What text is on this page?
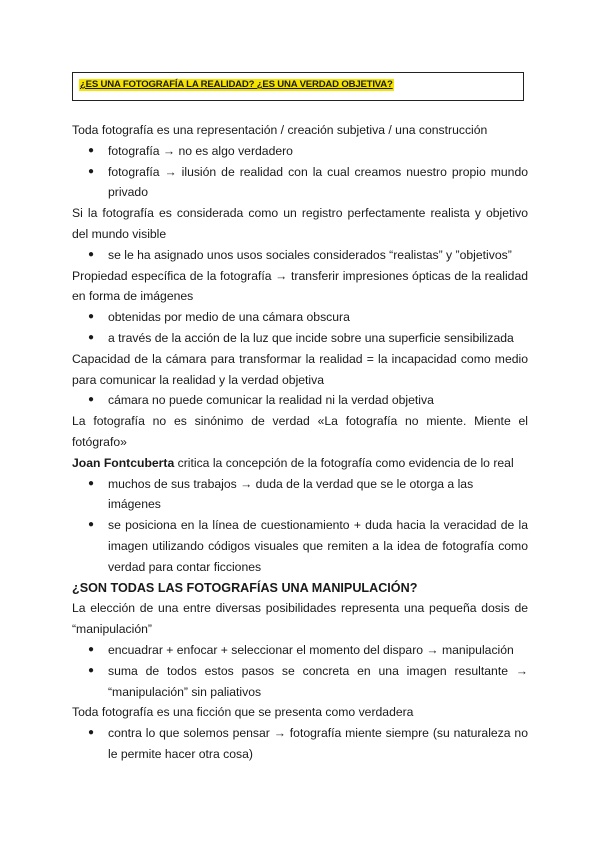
¿ES UNA FOTOGRAFÍA LA REALIDAD? ¿ES UNA VERDAD OBJETIVA?

Toda fotografía es una representación / creación subjetiva / una construcción

● fotografía → no es algo verdadero
● fotografía → ilusión de realidad con la cual creamos nuestro propio mundo privado

Si la fotografía es considerada como un registro perfectamente realista y objetivo del mundo visible

● se le ha asignado unos usos sociales considerados “realistas” y ”objetivos”

Propiedad específica de la fotografía → transferir impresiones ópticas de la realidad en forma de imágenes

● obtenidas por medio de una cámara obscura
● a través de la acción de la luz que incide sobre una superficie sensibilizada

Capacidad de la cámara para transformar la realidad = la incapacidad como medio para comunicar la realidad y la verdad objetiva

● cámara no puede comunicar la realidad ni la verdad objetiva

La fotografía no es sinónimo de verdad «La fotografía no miente. Miente el fotógrafo»

Joan Fontcuberta critica la concepción de la fotografía como evidencia de lo real

● muchos de sus trabajos → duda de la verdad que se le otorga a las imágenes
● se posiciona en la línea de cuestionamiento + duda hacia la veracidad de la imagen utilizando códigos visuales que remiten a la idea de fotografía como verdad para contar ficciones

¿SON TODAS LAS FOTOGRAFÍAS UNA MANIPULACIÓN?

La elección de una entre diversas posibilidades representa una pequeña dosis de “manipulación”

● encuadrar + enfocar + seleccionar el momento del disparo → manipulación
● suma de todos estos pasos se concreta en una imagen resultante → “manipulación” sin paliativos

Toda fotografía es una ficción que se presenta como verdadera

● contra lo que solemos pensar → fotografía miente siempre (su naturaleza no le permite hacer otra cosa)
